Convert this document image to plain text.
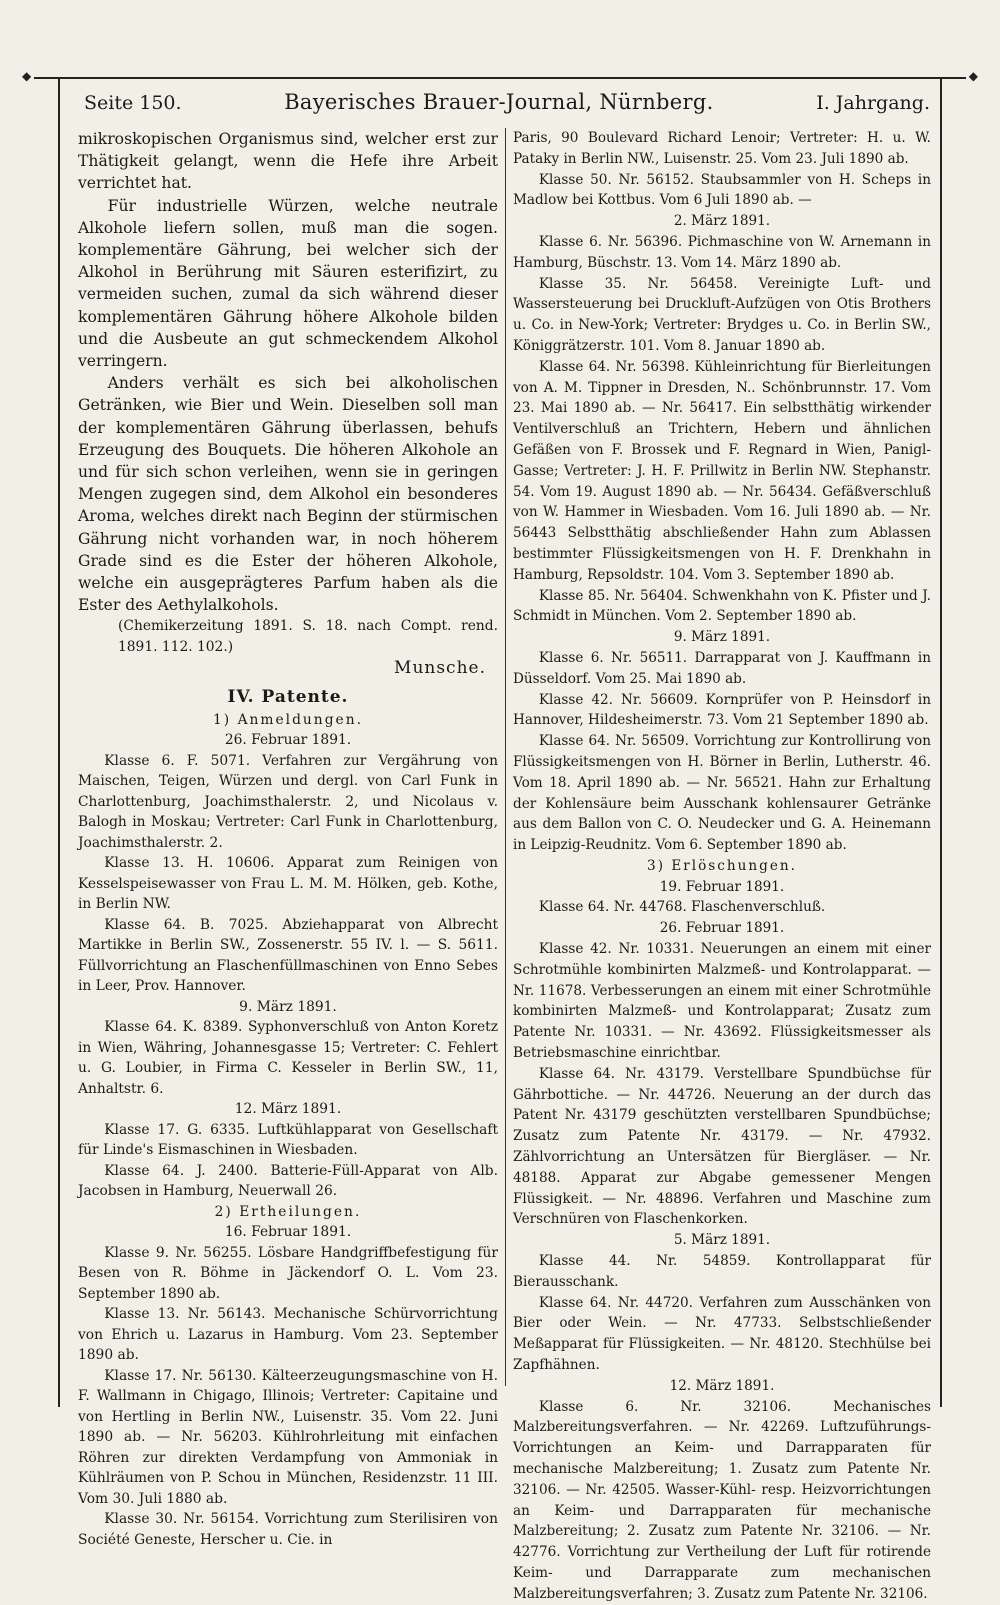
◆ ◆
Seite 150.	Bayerisches Brauer-Journal, Nürnberg.	I. Jahrgang.

mikroskopischen Organismus sind, welcher erst zur Thätigkeit gelangt, wenn die Hefe ihre Arbeit verrichtet hat.

Für industrielle Würzen, welche neutrale Alkohole liefern sollen, muß man die sogen. komplementäre Gährung, bei welcher sich der Alkohol in Berührung mit Säuren esterifizirt, zu vermeiden suchen, zumal da sich während dieser komplementären Gährung höhere Alkohole bilden und die Ausbeute an gut schmeckendem Alkohol verringern.

Anders verhält es sich bei alkoholischen Getränken, wie Bier und Wein. Dieselben soll man der komplementären Gährung überlassen, behufs Erzeugung des Bouquets. Die höheren Alkohole an und für sich schon verleihen, wenn sie in geringen Mengen zugegen sind, dem Alkohol ein besonderes Aroma, welches direkt nach Beginn der stürmischen Gährung nicht vorhanden war, in noch höherem Grade sind es die Ester der höheren Alkohole, welche ein ausgeprägteres Parfum haben als die Ester des Aethylalkohols.

(Chemikerzeitung 1891. S. 18. nach Compt. rend. 1891. 112. 102.)

Munsche.

IV. Patente.

1) Anmeldungen.

26. Februar 1891.

Klasse 6. F. 5071. Verfahren zur Vergährung von Maischen, Teigen, Würzen und dergl. von Carl Funk in Charlottenburg, Joachimsthalerstr. 2, und Nicolaus v. Balogh in Moskau; Vertreter: Carl Funk in Charlottenburg, Joachimsthalerstr. 2.

Klasse 13. H. 10606. Apparat zum Reinigen von Kesselspeisewasser von Frau L. M. M. Hölken, geb. Kothe, in Berlin NW.

Klasse 64. B. 7025. Abziehapparat von Albrecht Martikke in Berlin SW., Zossenerstr. 55 IV. l. — S. 5611. Füllvorrichtung an Flaschenfüllmaschinen von Enno Sebes in Leer, Prov. Hannover.

9. März 1891.

Klasse 64. K. 8389. Syphonverschluß von Anton Koretz in Wien, Währing, Johannesgasse 15; Vertreter: C. Fehlert u. G. Loubier, in Firma C. Kesseler in Berlin SW., 11, Anhaltstr. 6.

12. März 1891.

Klasse 17. G. 6335. Luftkühlapparat von Gesellschaft für Linde's Eismaschinen in Wiesbaden.

Klasse 64. J. 2400. Batterie-Füll-Apparat von Alb. Jacobsen in Hamburg, Neuerwall 26.

2) Ertheilungen.

16. Februar 1891.

Klasse 9. Nr. 56255. Lösbare Handgriffbefestigung für Besen von R. Böhme in Jäckendorf O. L. Vom 23. September 1890 ab.

Klasse 13. Nr. 56143. Mechanische Schürvorrichtung von Ehrich u. Lazarus in Hamburg. Vom 23. September 1890 ab.

Klasse 17. Nr. 56130. Kälteerzeugungsmaschine von H. F. Wallmann in Chigago, Illinois; Vertreter: Capitaine und von Hertling in Berlin NW., Luisenstr. 35. Vom 22. Juni 1890 ab. — Nr. 56203. Kühlrohrleitung mit einfachen Röhren zur direkten Verdampfung von Ammoniak in Kühlräumen von P. Schou in München, Residenzstr. 11 III. Vom 30. Juli 1880 ab.

Klasse 30. Nr. 56154. Vorrichtung zum Sterilisiren von Société Geneste, Herscher u. Cie. in

Paris, 90 Boulevard Richard Lenoir; Vertreter: H. u. W. Pataky in Berlin NW., Luisenstr. 25. Vom 23. Juli 1890 ab.

Klasse 50. Nr. 56152. Staubsammler von H. Scheps in Madlow bei Kottbus. Vom 6 Juli 1890 ab. —

2. März 1891.

Klasse 6. Nr. 56396. Pichmaschine von W. Arnemann in Hamburg, Büschstr. 13. Vom 14. März 1890 ab.

Klasse 35. Nr. 56458. Vereinigte Luft- und Wassersteuerung bei Druckluft-Aufzügen von Otis Brothers u. Co. in New-York; Vertreter: Brydges u. Co. in Berlin SW., Königgrätzerstr. 101. Vom 8. Januar 1890 ab.

Klasse 64. Nr. 56398. Kühleinrichtung für Bierleitungen von A. M. Tippner in Dresden, N.. Schönbrunnstr. 17. Vom 23. Mai 1890 ab. — Nr. 56417. Ein selbstthätig wirkender Ventilverschluß an Trichtern, Hebern und ähnlichen Gefäßen von F. Brossek und F. Regnard in Wien, Panigl-Gasse; Vertreter: J. H. F. Prillwitz in Berlin NW. Stephanstr. 54. Vom 19. August 1890 ab. — Nr. 56434. Gefäßverschluß von W. Hammer in Wiesbaden. Vom 16. Juli 1890 ab. — Nr. 56443 Selbstthätig abschließender Hahn zum Ablassen bestimmter Flüssigkeitsmengen von H. F. Drenkhahn in Hamburg, Repsoldstr. 104. Vom 3. September 1890 ab.

Klasse 85. Nr. 56404. Schwenkhahn von K. Pfister und J. Schmidt in München. Vom 2. September 1890 ab.

9. März 1891.

Klasse 6. Nr. 56511. Darrapparat von J. Kauffmann in Düsseldorf. Vom 25. Mai 1890 ab.

Klasse 42. Nr. 56609. Kornprüfer von P. Heinsdorf in Hannover, Hildesheimerstr. 73. Vom 21 September 1890 ab.

Klasse 64. Nr. 56509. Vorrichtung zur Kontrollirung von Flüssigkeitsmengen von H. Börner in Berlin, Lutherstr. 46. Vom 18. April 1890 ab. — Nr. 56521. Hahn zur Erhaltung der Kohlensäure beim Ausschank kohlensaurer Getränke aus dem Ballon von C. O. Neudecker und G. A. Heinemann in Leipzig-Reudnitz. Vom 6. September 1890 ab.

3) Erlöschungen.

19. Februar 1891.

Klasse 64. Nr. 44768. Flaschenverschluß.

26. Februar 1891.

Klasse 42. Nr. 10331. Neuerungen an einem mit einer Schrotmühle kombinirten Malzmeß- und Kontrolapparat. — Nr. 11678. Verbesserungen an einem mit einer Schrotmühle kombinirten Malzmeß- und Kontrolapparat; Zusatz zum Patente Nr. 10331. — Nr. 43692. Flüssigkeitsmesser als Betriebsmaschine einrichtbar.

Klasse 64. Nr. 43179. Verstellbare Spundbüchse für Gährbottiche. — Nr. 44726. Neuerung an der durch das Patent Nr. 43179 geschützten verstellbaren Spundbüchse; Zusatz zum Patente Nr. 43179. — Nr. 47932. Zählvorrichtung an Untersätzen für Biergläser. — Nr. 48188. Apparat zur Abgabe gemessener Mengen Flüssigkeit. — Nr. 48896. Verfahren und Maschine zum Verschnüren von Flaschenkorken.

5. März 1891.

Klasse 44. Nr. 54859. Kontrollapparat für Bierausschank.

Klasse 64. Nr. 44720. Verfahren zum Ausschänken von Bier oder Wein. — Nr. 47733. Selbstschließender Meßapparat für Flüssigkeiten. — Nr. 48120. Stechhülse bei Zapfhähnen.

12. März 1891.

Klasse 6. Nr. 32106. Mechanisches Malzbereitungsverfahren. — Nr. 42269. Luftzuführungs-Vorrichtungen an Keim- und Darrapparaten für mechanische Malzbereitung; 1. Zusatz zum Patente Nr. 32106. — Nr. 42505. Wasser-Kühl- resp. Heizvorrichtungen an Keim- und Darrapparaten für mechanische Malzbereitung; 2. Zusatz zum Patente Nr. 32106. — Nr. 42776. Vorrichtung zur Vertheilung der Luft für rotirende Keim- und Darrapparate zum mechanischen Malzbereitungsverfahren; 3. Zusatz zum Patente Nr. 32106.
